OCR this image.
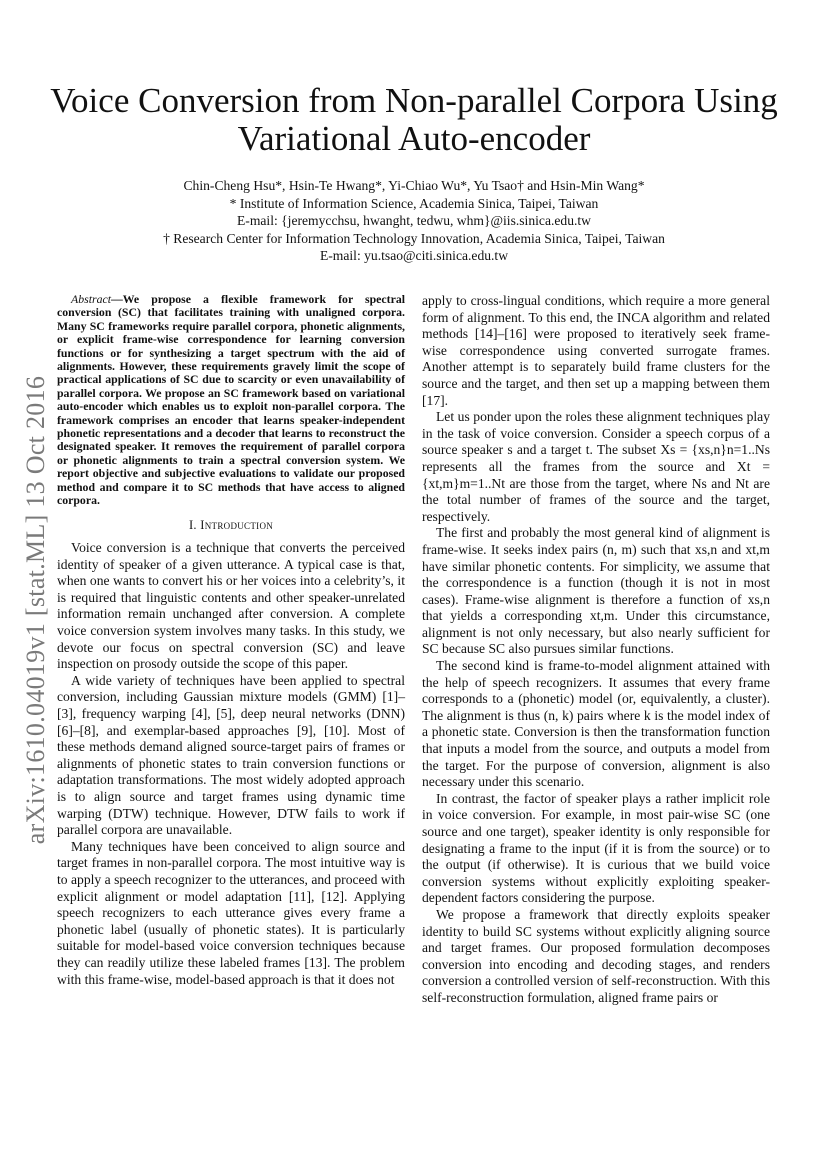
Voice Conversion from Non-parallel Corpora Using Variational Auto-encoder
Chin-Cheng Hsu*, Hsin-Te Hwang*, Yi-Chiao Wu*, Yu Tsao† and Hsin-Min Wang*
* Institute of Information Science, Academia Sinica, Taipei, Taiwan
E-mail: {jeremycchsu, hwanght, tedwu, whm}@iis.sinica.edu.tw
† Research Center for Information Technology Innovation, Academia Sinica, Taipei, Taiwan
E-mail: yu.tsao@citi.sinica.edu.tw
arXiv:1610.04019v1 [stat.ML] 13 Oct 2016

Abstract—We propose a flexible framework for spectral conversion (SC) that facilitates training with unaligned corpora. Many SC frameworks require parallel corpora, phonetic alignments, or explicit frame-wise correspondence for learning conversion functions or for synthesizing a target spectrum with the aid of alignments. However, these requirements gravely limit the scope of practical applications of SC due to scarcity or even unavailability of parallel corpora. We propose an SC framework based on variational auto-encoder which enables us to exploit non-parallel corpora. The framework comprises an encoder that learns speaker-independent phonetic representations and a decoder that learns to reconstruct the designated speaker. It removes the requirement of parallel corpora or phonetic alignments to train a spectral conversion system. We report objective and subjective evaluations to validate our proposed method and compare it to SC methods that have access to aligned corpora.

I. Introduction

Voice conversion is a technique that converts the perceived identity of speaker of a given utterance. A typical case is that, when one wants to convert his or her voices into a celebrity’s, it is required that linguistic contents and other speaker-unrelated information remain unchanged after conversion. A complete voice conversion system involves many tasks. In this study, we devote our focus on spectral conversion (SC) and leave inspection on prosody outside the scope of this paper.

A wide variety of techniques have been applied to spectral conversion, including Gaussian mixture models (GMM) [1]–[3], frequency warping [4], [5], deep neural networks (DNN) [6]–[8], and exemplar-based approaches [9], [10]. Most of these methods demand aligned source-target pairs of frames or alignments of phonetic states to train conversion functions or adaptation transformations. The most widely adopted approach is to align source and target frames using dynamic time warping (DTW) technique. However, DTW fails to work if parallel corpora are unavailable.

Many techniques have been conceived to align source and target frames in non-parallel corpora. The most intuitive way is to apply a speech recognizer to the utterances, and proceed with explicit alignment or model adaptation [11], [12]. Applying speech recognizers to each utterance gives every frame a phonetic label (usually of phonetic states). It is particularly suitable for model-based voice conversion techniques because they can readily utilize these labeled frames [13]. The problem with this frame-wise, model-based approach is that it does not

apply to cross-lingual conditions, which require a more general form of alignment. To this end, the INCA algorithm and related methods [14]–[16] were proposed to iteratively seek frame-wise correspondence using converted surrogate frames. Another attempt is to separately build frame clusters for the source and the target, and then set up a mapping between them [17].

Let us ponder upon the roles these alignment techniques play in the task of voice conversion. Consider a speech corpus of a source speaker s and a target t. The subset Xs = {xs,n}n=1..Ns represents all the frames from the source and Xt = {xt,m}m=1..Nt are those from the target, where Ns and Nt are the total number of frames of the source and the target, respectively.

The first and probably the most general kind of alignment is frame-wise. It seeks index pairs (n, m) such that xs,n and xt,m have similar phonetic contents. For simplicity, we assume that the correspondence is a function (though it is not in most cases). Frame-wise alignment is therefore a function of xs,n that yields a corresponding xt,m. Under this circumstance, alignment is not only necessary, but also nearly sufficient for SC because SC also pursues similar functions.

The second kind is frame-to-model alignment attained with the help of speech recognizers. It assumes that every frame corresponds to a (phonetic) model (or, equivalently, a cluster). The alignment is thus (n, k) pairs where k is the model index of a phonetic state. Conversion is then the transformation function that inputs a model from the source, and outputs a model from the target. For the purpose of conversion, alignment is also necessary under this scenario.

In contrast, the factor of speaker plays a rather implicit role in voice conversion. For example, in most pair-wise SC (one source and one target), speaker identity is only responsible for designating a frame to the input (if it is from the source) or to the output (if otherwise). It is curious that we build voice conversion systems without explicitly exploiting speaker-dependent factors considering the purpose.

We propose a framework that directly exploits speaker identity to build SC systems without explicitly aligning source and target frames. Our proposed formulation decomposes conversion into encoding and decoding stages, and renders conversion a controlled version of self-reconstruction. With this self-reconstruction formulation, aligned frame pairs or
